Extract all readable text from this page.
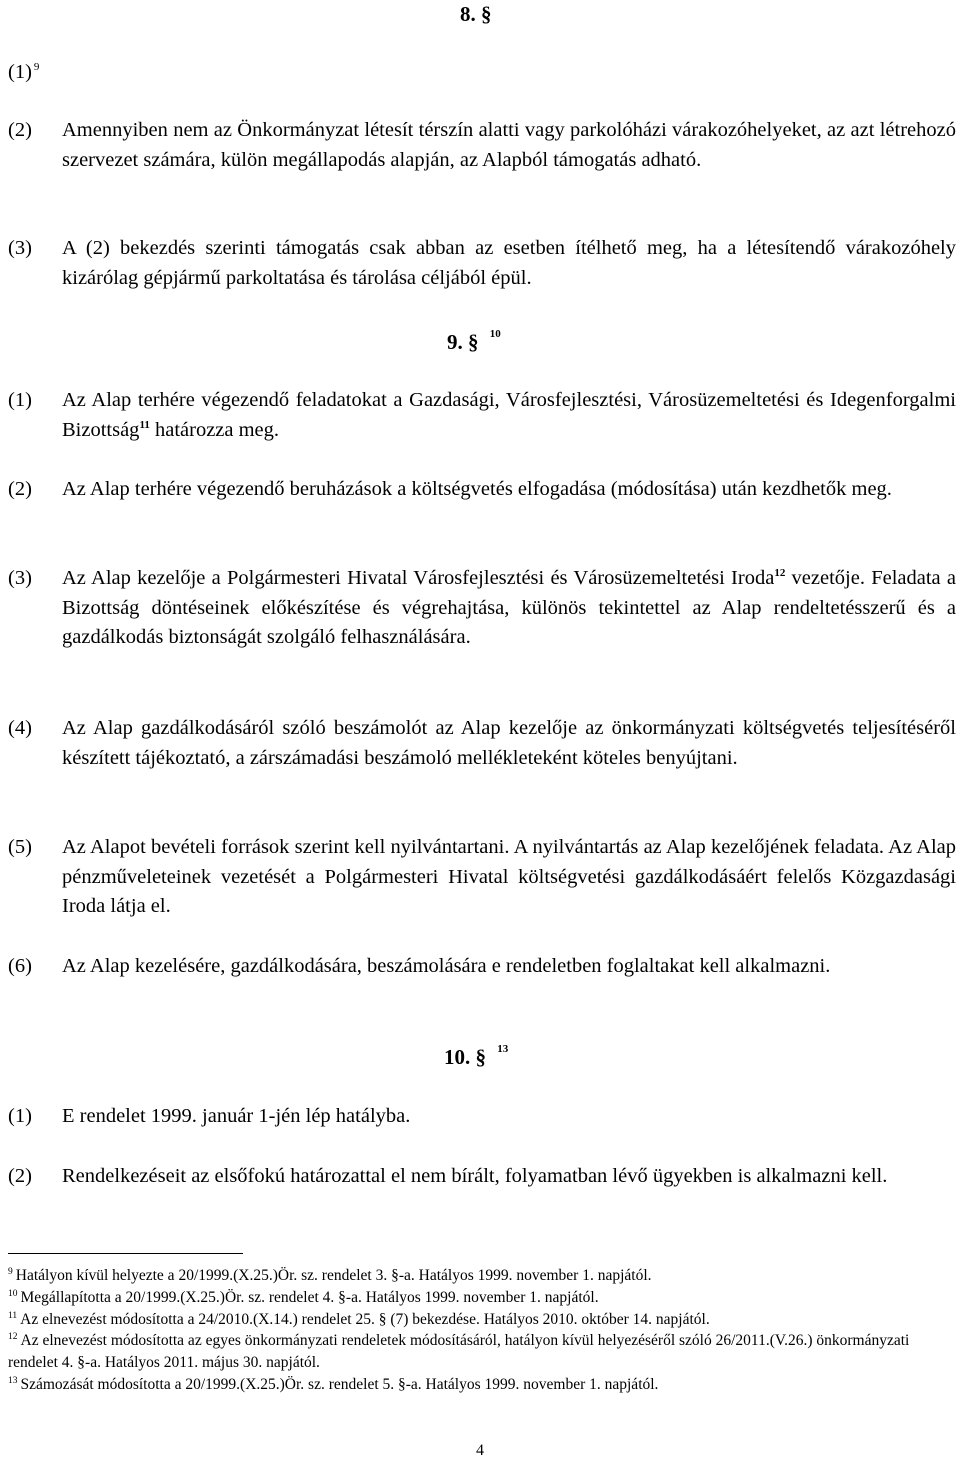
8. §
(1) $^9$

(2) Amennyiben nem az Önkormányzat létesít térszín alatti vagy parkolóházi várakozóhelyeket, az azt létrehozó szervezet számára, külön megállapodás alapján, az Alapból támogatás adható.
(3) A (2) bekezdés szerinti támogatás csak abban az esetben ítélhető meg, ha a létesítendő várakozóhely kizárólag gépjármű parkoltatása és tárolása céljából épül.
9. § $^{10}$
(1) Az Alap terhére végezendő feladatokat a Gazdasági, Városfejlesztési, Városüzemeltetési és Idegenforgalmi Bizottság$^{11}$ határozza meg.
(2) Az Alap terhére végezendő beruházások a költségvetés elfogadása (módosítása) után kezdhetők meg.
(3) Az Alap kezelője a Polgármesteri Hivatal Városfejlesztési és Városüzemeltetési Iroda$^{12}$ vezetője. Feladata a Bizottság döntéseinek előkészítése és végrehajtása, különös tekintettel az Alap rendeltetésszerű és a gazdálkodás biztonságát szolgáló felhasználására.
(4) Az Alap gazdálkodásáról szóló beszámolót az Alap kezelője az önkormányzati költségvetés teljesítéséről készített tájékoztató, a zárszámadási beszámoló mellékleteként köteles benyújtani.
(5) Az Alapot bevételi források szerint kell nyilvántartani. A nyilvántartás az Alap kezelőjének feladata. Az Alap pénzműveleteinek vezetését a Polgármesteri Hivatal költségvetési gazdálkodásáért felelős Közgazdasági Iroda látja el.
(6) Az Alap kezelésére, gazdálkodására, beszámolására e rendeletben foglaltakat kell alkalmazni.
10. § $^{13}$
(1) E rendelet 1999. január 1-jén lép hatályba.
(2) Rendelkezéseit az elsőfokú határozattal el nem bírált, folyamatban lévő ügyekben is alkalmazni kell.
$^9$ Hatályon kívül helyezte a 20/1999.(X.25.)Ör. sz. rendelet 3. §-a. Hatályos 1999. november 1. napjától.
$^{10}$ Megállapította a 20/1999.(X.25.)Ör. sz. rendelet 4. §-a. Hatályos 1999. november 1. napjától.
$^{11}$ Az elnevezést módosította a 24/2010.(X.14.) rendelet 25. § (7) bekezdése. Hatályos 2010. október 14. napjától.
$^{12}$ Az elnevezést módosította az egyes önkormányzati rendeletek módosításáról, hatályon kívül helyezéséről szóló 26/2011.(V.26.) önkormányzati rendelet 4. §-a. Hatályos 2011. május 30. napjától.
$^{13}$ Számozását módosította a 20/1999.(X.25.)Ör. sz. rendelet 5. §-a. Hatályos 1999. november 1. napjától.
4
